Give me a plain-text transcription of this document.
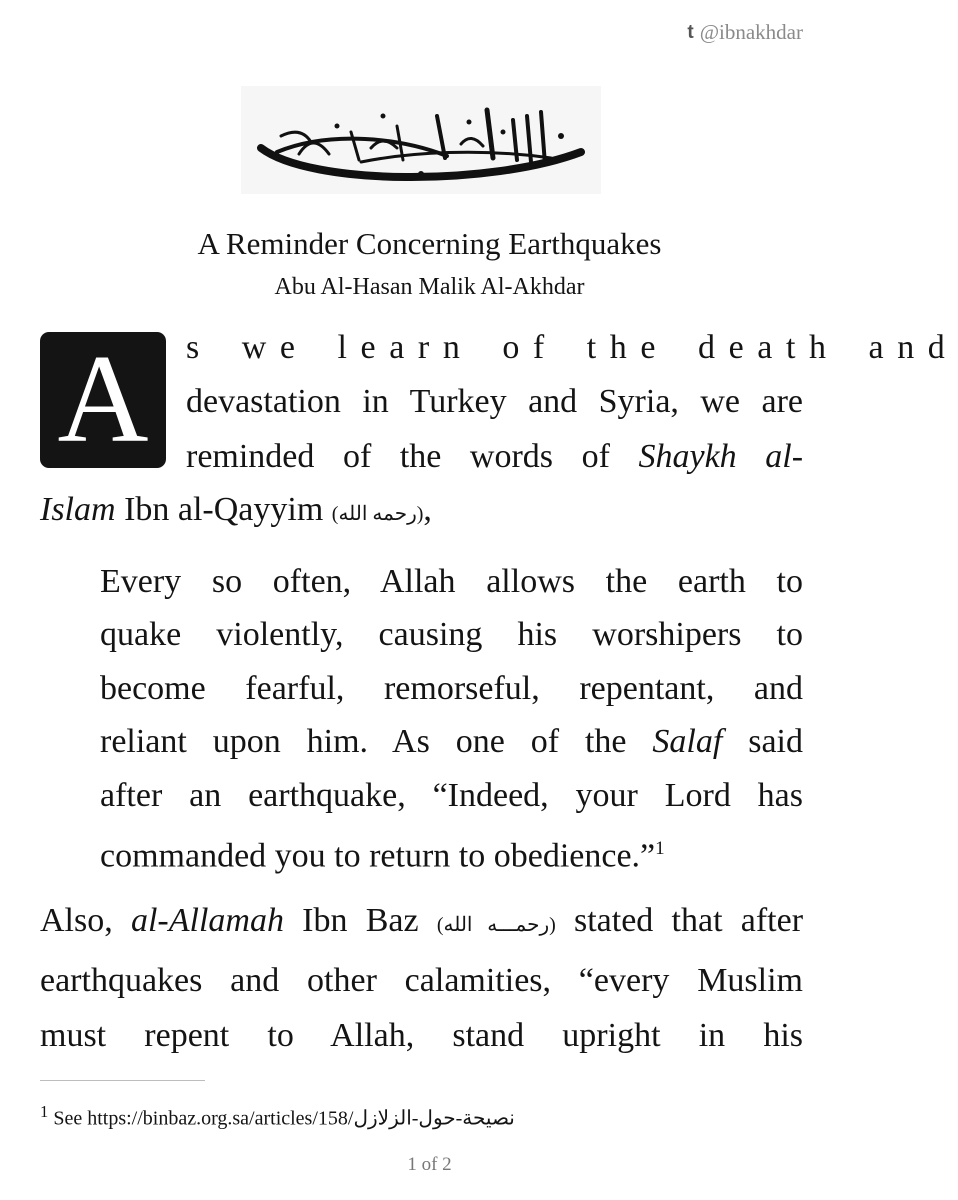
t @ibnakhdar
A Reminder Concerning Earthquakes
Abu Al-Hasan Malik Al-Akhdar
A	s we learn of the death and
devastation in Turkey and Syria, we are
reminded of the words of Shaykh al-
Islam Ibn al-Qayyim (رحمه الله),
Every so often, Allah allows the earth to
quake violently, causing his worshipers to
become fearful, remorseful, repentant, and
reliant upon him. As one of the Salaf said
after an earthquake, “Indeed, your Lord has
commanded you to return to obedience.”$^1$
Also, al-Allamah Ibn Baz (رحمـــه الله) stated that after
earthquakes and other calamities, “every Muslim
must repent to Allah, stand upright in his
$^1$ See https://binbaz.org.sa/articles/158/نصيحة-حول-الزلازل
1 of 2
